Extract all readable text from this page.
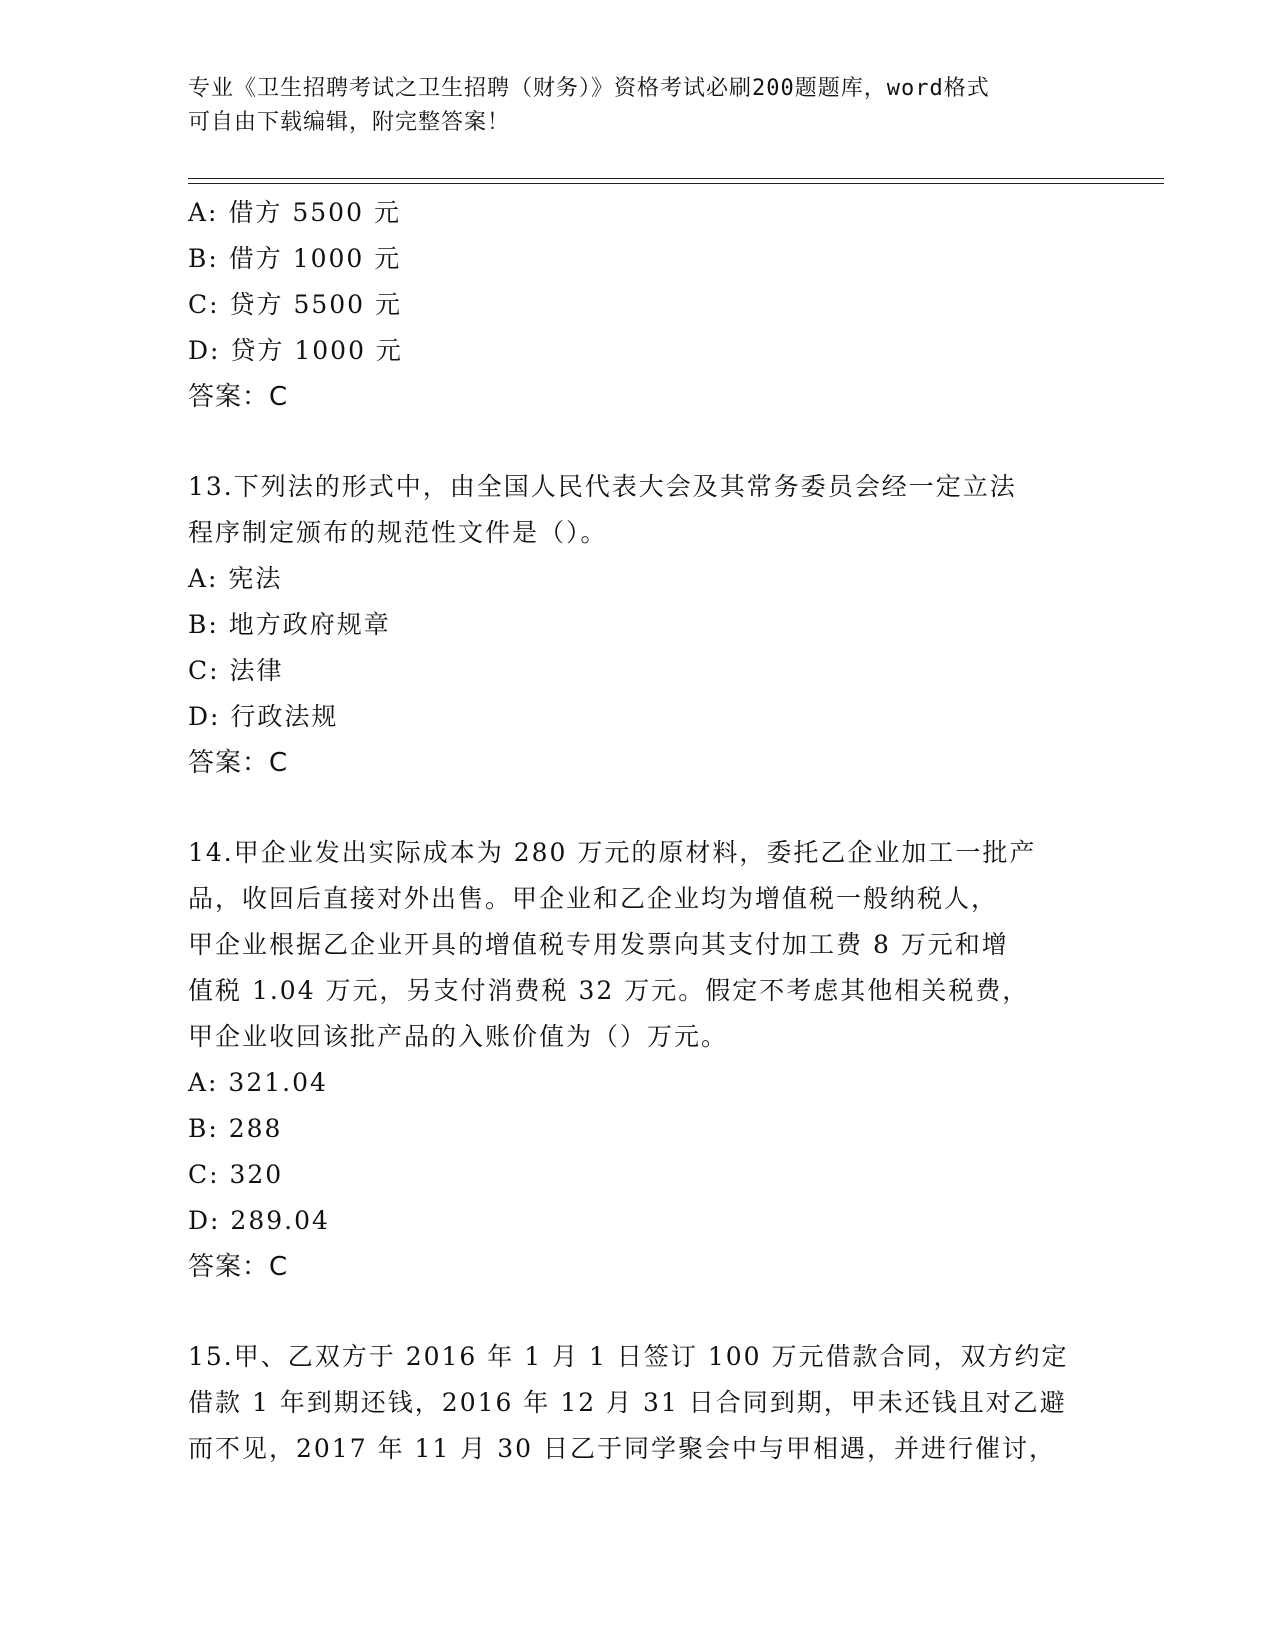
专业《卫生招聘考试之卫生招聘（财务）》资格考试必刷200题题库，word格式
可自由下载编辑，附完整答案！
A: 借方 5500 元
B: 借方 1000 元
C: 贷方 5500 元
D: 贷方 1000 元
答案：C
13.下列法的形式中，由全国人民代表大会及其常务委员会经一定立法
程序制定颁布的规范性文件是（）。
A: 宪法
B: 地方政府规章
C: 法律
D: 行政法规
答案：C
14.甲企业发出实际成本为 280 万元的原材料，委托乙企业加工一批产
品，收回后直接对外出售。甲企业和乙企业均为增值税一般纳税人，
甲企业根据乙企业开具的增值税专用发票向其支付加工费 8 万元和增
值税 1.04 万元，另支付消费税 32 万元。假定不考虑其他相关税费，
甲企业收回该批产品的入账价值为（）万元。
A: 321.04
B: 288
C: 320
D: 289.04
答案：C
15.甲、乙双方于 2016 年 1 月 1 日签订 100 万元借款合同，双方约定
借款 1 年到期还钱，2016 年 12 月 31 日合同到期，甲未还钱且对乙避
而不见，2017 年 11 月 30 日乙于同学聚会中与甲相遇，并进行催讨，
